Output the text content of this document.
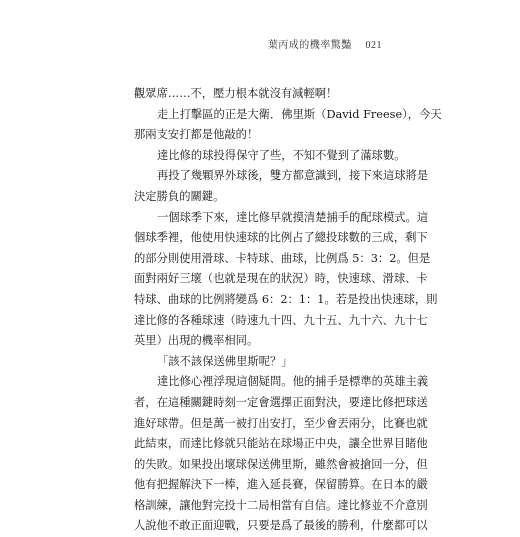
葉丙成的機率驚豔 021

觀眾席……不，壓力根本就沒有減輕啊！

走上打擊區的正是大衛．佛里斯（David Freese），今天

那兩支安打都是他敲的！

達比修的球投得保守了些，不知不覺到了滿球數。

再投了幾顆界外球後，雙方都意識到，接下來這球將是

決定勝負的關鍵。

一個球季下來，達比修早就摸清楚捕手的配球模式。這

個球季裡，他使用快速球的比例占了總投球數的三成，剩下

的部分則使用滑球、卡特球、曲球，比例爲 5：3：2。但是

面對兩好三壞（也就是現在的狀況）時，快速球、滑球、卡

特球、曲球的比例將變爲 6：2：1：1。若是投出快速球，則

達比修的各種球速（時速九十四、九十五、九十六、九十七

英里）出現的機率相同。

「該不該保送佛里斯呢？」

達比修心裡浮現這個疑問。他的捕手是標準的英雄主義

者，在這種關鍵時刻一定會選擇正面對決，要達比修把球送

進好球帶。但是萬一被打出安打，至少會丟兩分，比賽也就

此結束，而達比修就只能站在球場正中央，讓全世界目睹他

的失敗。如果投出壞球保送佛里斯，雖然會被搶回一分，但

他有把握解決下一棒，進入延長賽，保留勝算。在日本的嚴

格訓練，讓他對完投十二局相當有自信。達比修並不介意別

人說他不敢正面迎戰，只要是爲了最後的勝利，什麼都可以
